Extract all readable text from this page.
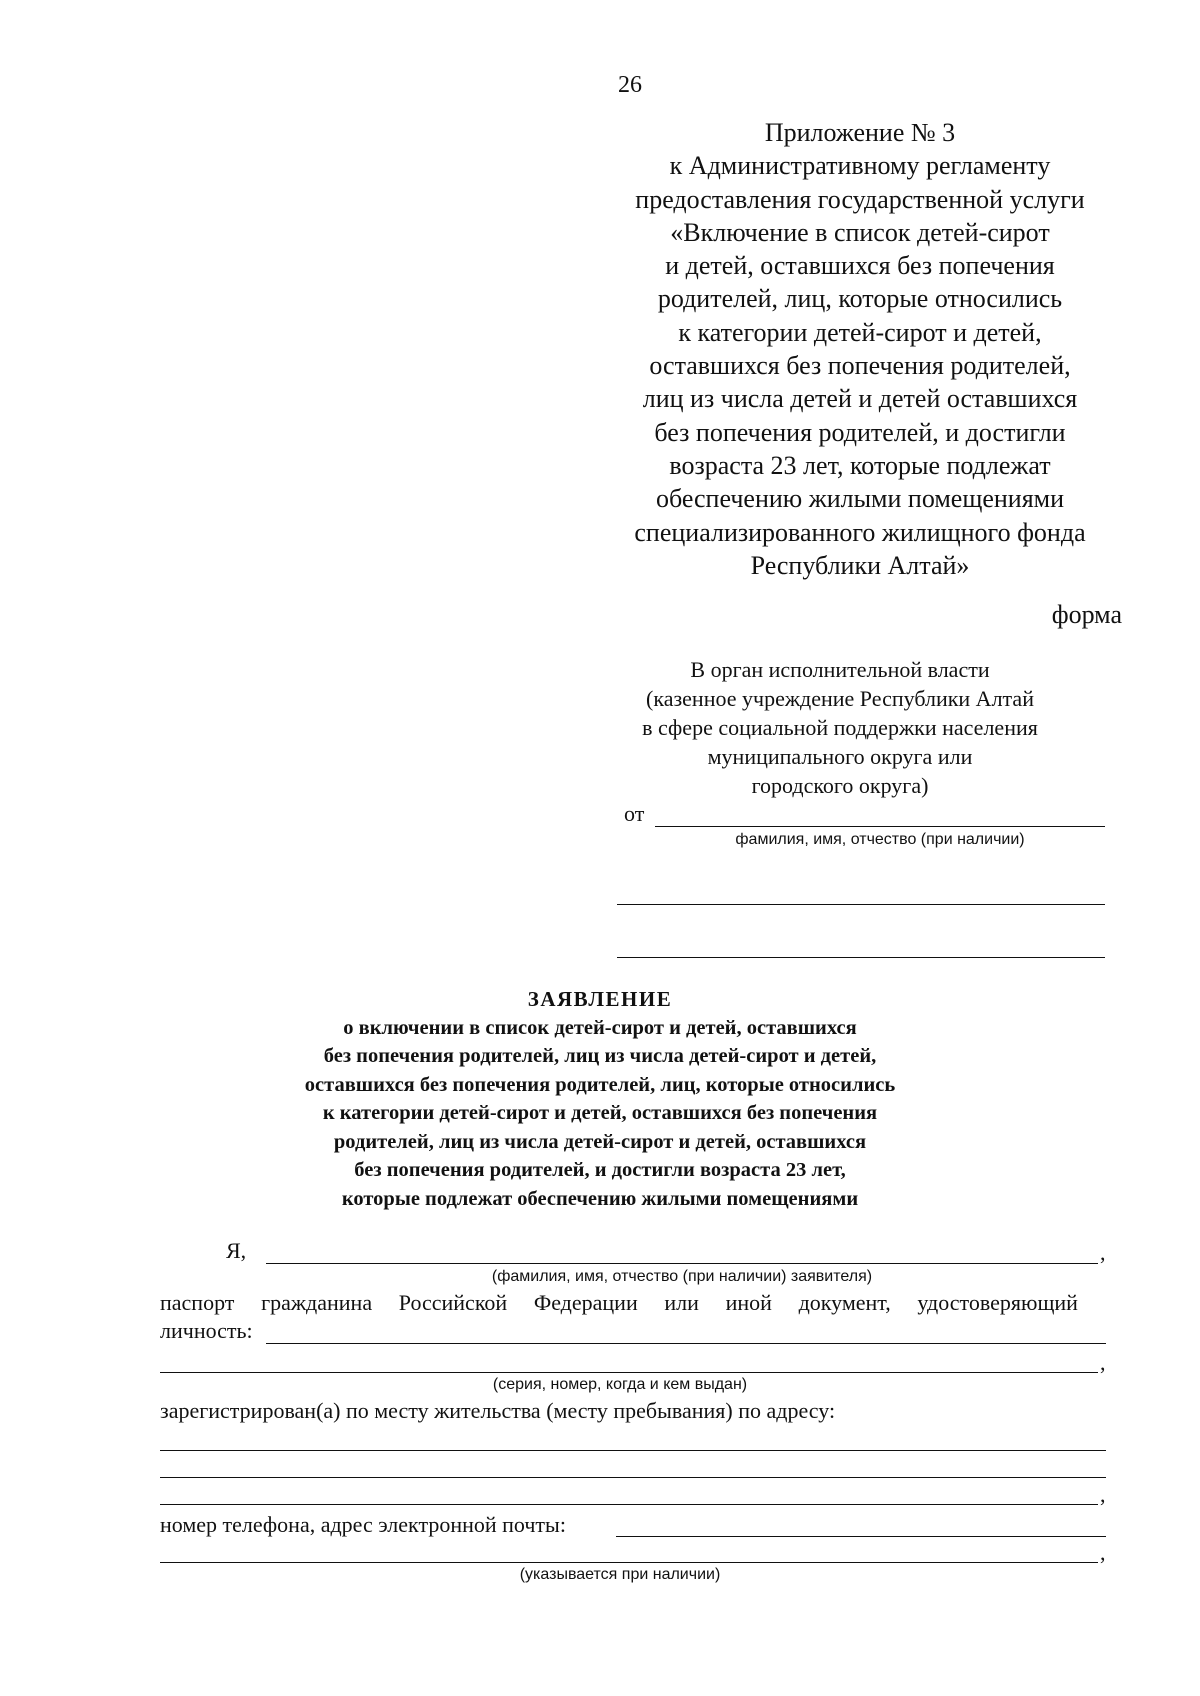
26
Приложение № 3
к Административному регламенту
предоставления государственной услуги
«Включение в список детей-сирот
и детей, оставшихся без попечения
родителей, лиц, которые относились
к категории детей-сирот и детей,
оставшихся без попечения родителей,
лиц из числа детей и детей оставшихся
без попечения родителей, и достигли
возраста 23 лет, которые подлежат
обеспечению жилыми помещениями
специализированного жилищного фонда
Республики Алтай»
форма
В орган исполнительной власти
(казенное учреждение Республики Алтай
в сфере социальной поддержки населения
муниципального округа или
городского округа)
от
фамилия, имя, отчество (при наличии)
ЗАЯВЛЕНИЕ
о включении в список детей-сирот и детей, оставшихся
без попечения родителей, лиц из числа детей-сирот и детей,
оставшихся без попечения родителей, лиц, которые относились
к категории детей-сирот и детей, оставшихся без попечения
родителей, лиц из числа детей-сирот и детей, оставшихся
без попечения родителей, и достигли возраста 23 лет,
которые подлежат обеспечению жилыми помещениями
Я,	,
(фамилия, имя, отчество (при наличии) заявителя)
паспорт гражданина Российской Федерации или иной документ, удостоверяющий
личность:
,
(серия, номер, когда и кем выдан)
зарегистрирован(а) по месту жительства (месту пребывания) по адресу:
,
номер телефона, адрес электронной почты:
,
(указывается при наличии)
